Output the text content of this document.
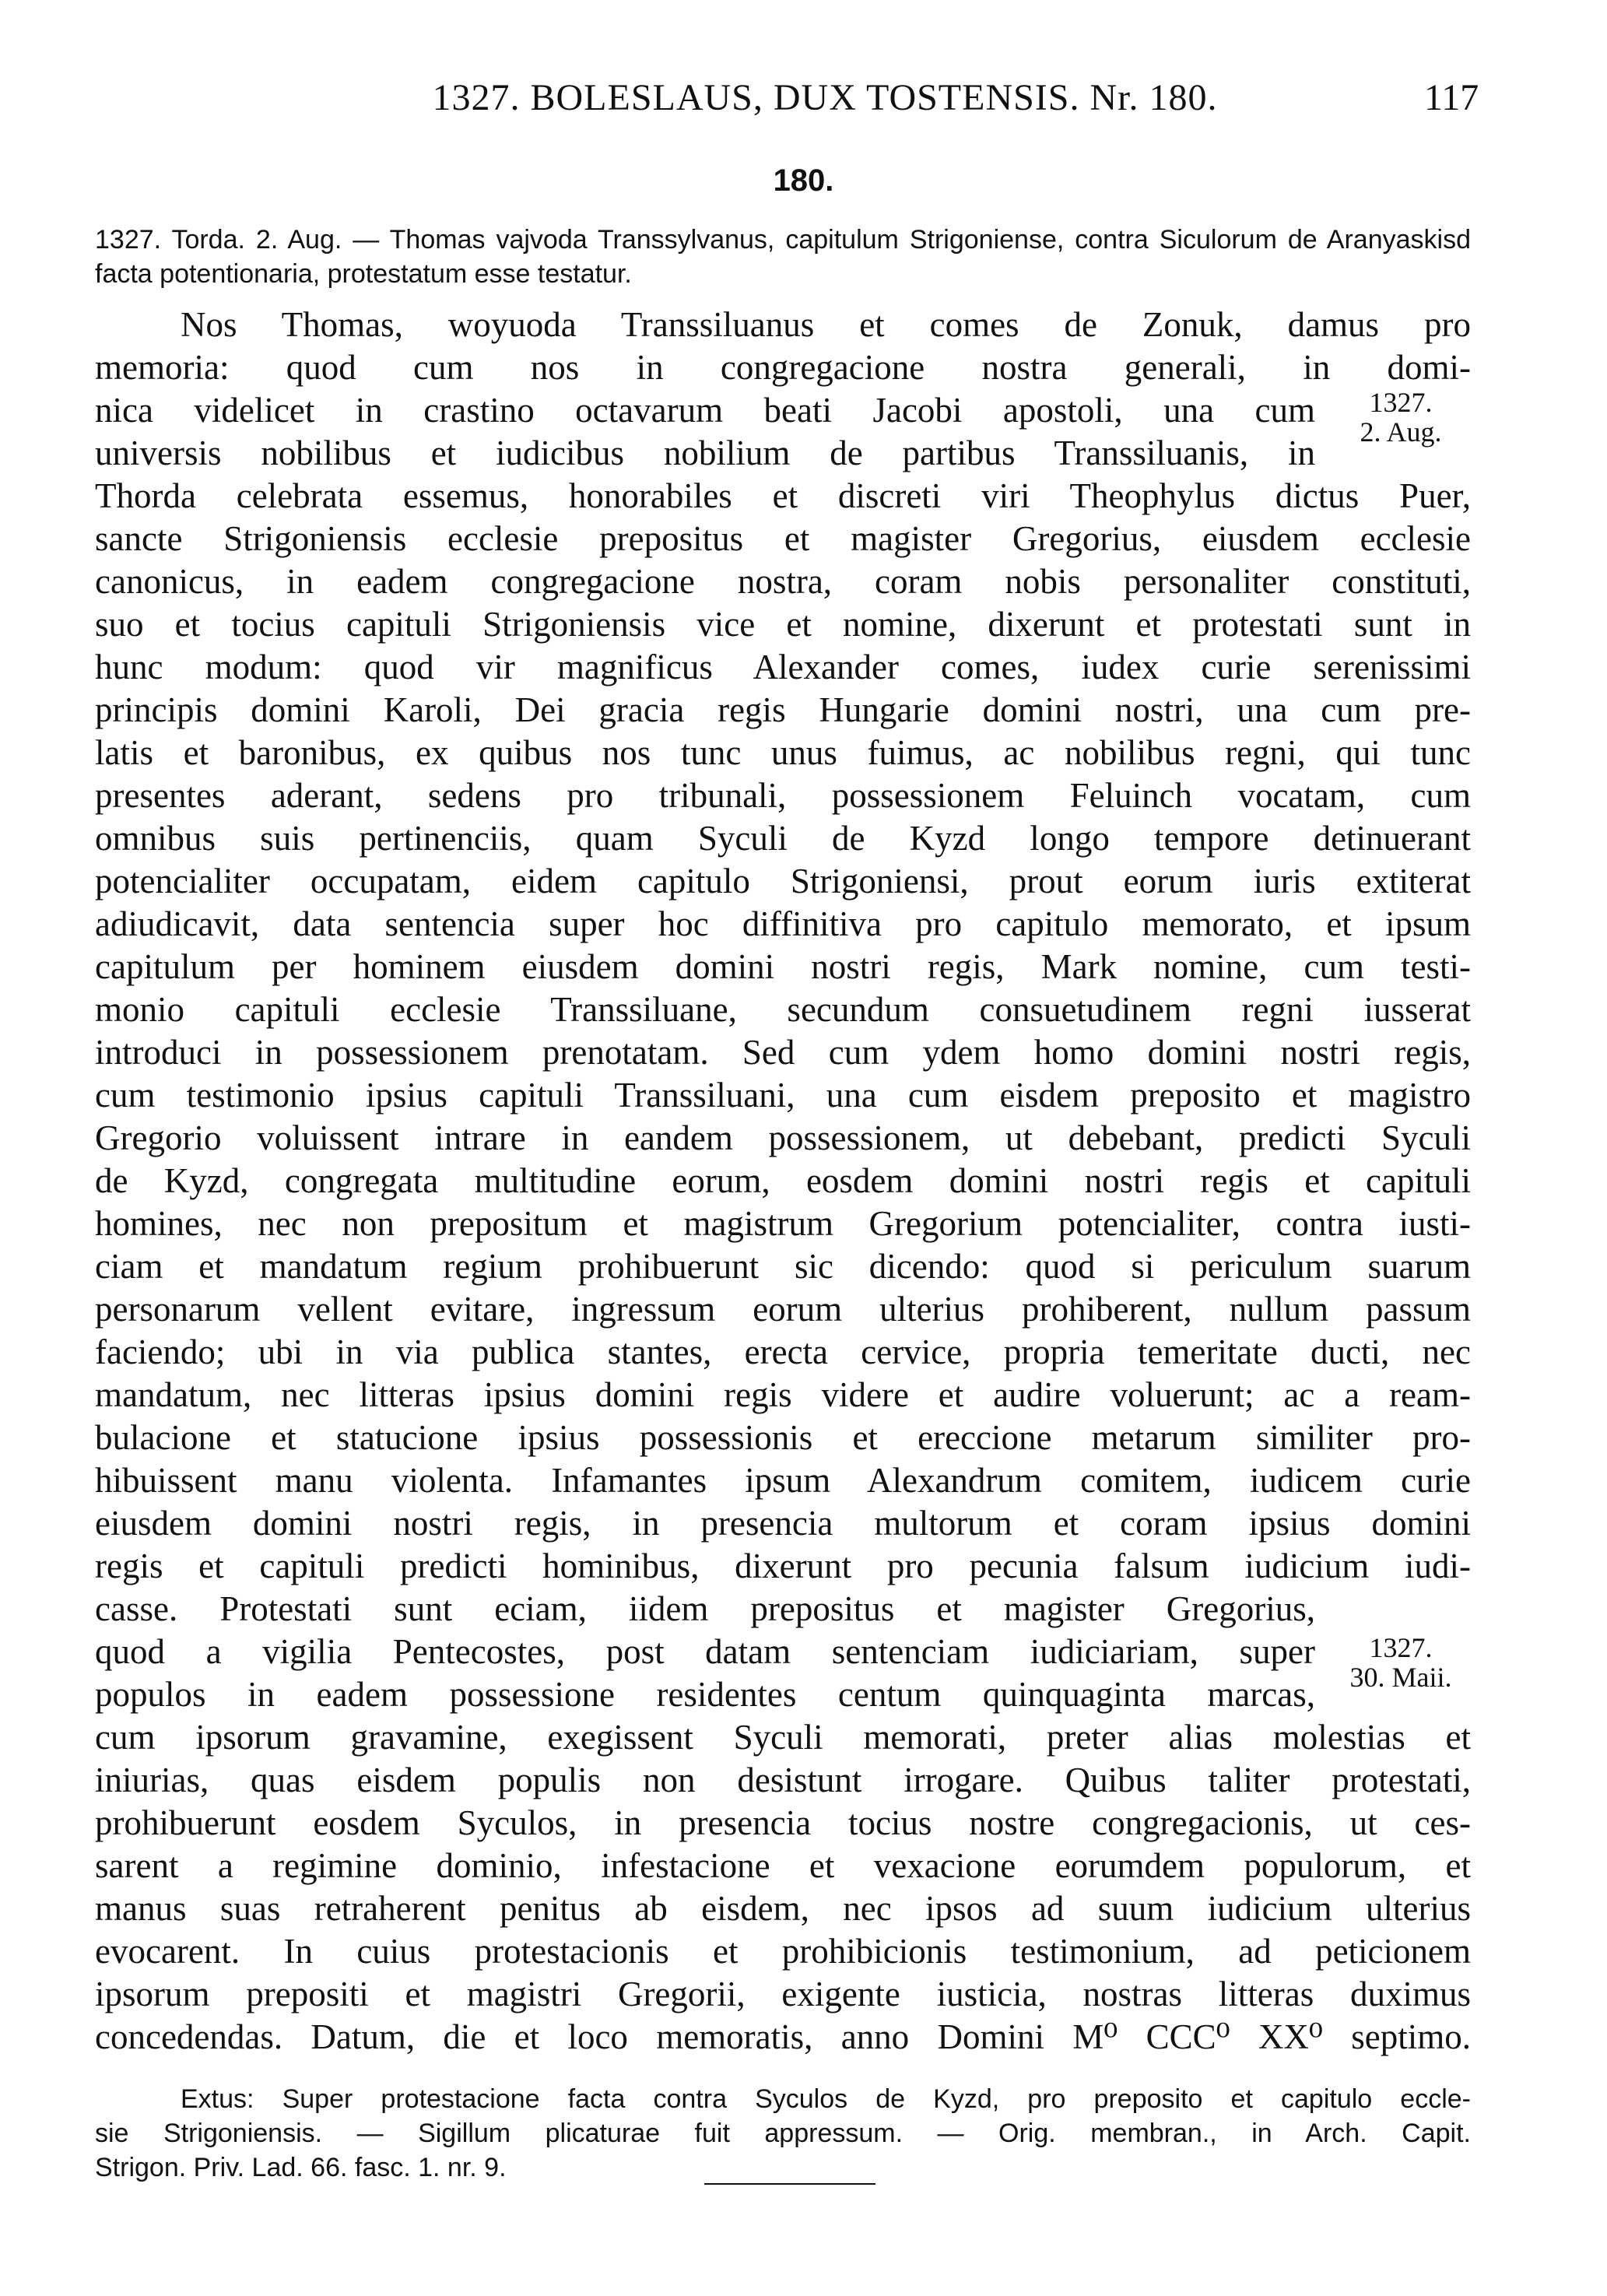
1327. BOLESLAUS, DUX TOSTENSIS. Nr. 180.	117
180.
1327. Torda. 2. Aug. — Thomas vajvoda Transsylvanus, capitulum Strigoniense, contra Siculorum de Aranyaskisd facta potentionaria, protestatum esse testatur.
Nos Thomas, woyuoda Transsiluanus et comes de Zonuk, damus pro
memoria: quod cum nos in congregacione nostra generali, in domi-
nica videlicet in crastino octavarum beati Jacobi apostoli, una cum
universis nobilibus et iudicibus nobilium de partibus Transsiluanis, in
Thorda celebrata essemus, honorabiles et discreti viri Theophylus dictus Puer,
sancte Strigoniensis ecclesie prepositus et magister Gregorius, eiusdem ecclesie
canonicus, in eadem congregacione nostra, coram nobis personaliter constituti,
suo et tocius capituli Strigoniensis vice et nomine, dixerunt et protestati sunt in
hunc modum: quod vir magnificus Alexander comes, iudex curie serenissimi
principis domini Karoli, Dei gracia regis Hungarie domini nostri, una cum pre-
latis et baronibus, ex quibus nos tunc unus fuimus, ac nobilibus regni, qui tunc
presentes aderant, sedens pro tribunali, possessionem Feluinch vocatam, cum
omnibus suis pertinenciis, quam Syculi de Kyzd longo tempore detinuerant
potencialiter occupatam, eidem capitulo Strigoniensi, prout eorum iuris extiterat
adiudicavit, data sentencia super hoc diffinitiva pro capitulo memorato, et ipsum
capitulum per hominem eiusdem domini nostri regis, Mark nomine, cum testi-
monio capituli ecclesie Transsiluane, secundum consuetudinem regni iusserat
introduci in possessionem prenotatam. Sed cum ydem homo domini nostri regis,
cum testimonio ipsius capituli Transsiluani, una cum eisdem preposito et magistro
Gregorio voluissent intrare in eandem possessionem, ut debebant, predicti Syculi
de Kyzd, congregata multitudine eorum, eosdem domini nostri regis et capituli
homines, nec non prepositum et magistrum Gregorium potencialiter, contra iusti-
ciam et mandatum regium prohibuerunt sic dicendo: quod si periculum suarum
personarum vellent evitare, ingressum eorum ulterius prohiberent, nullum passum
faciendo; ubi in via publica stantes, erecta cervice, propria temeritate ducti, nec
mandatum, nec litteras ipsius domini regis videre et audire voluerunt; ac a ream-
bulacione et statucione ipsius possessionis et ereccione metarum similiter pro-
hibuissent manu violenta. Infamantes ipsum Alexandrum comitem, iudicem curie
eiusdem domini nostri regis, in presencia multorum et coram ipsius domini
regis et capituli predicti hominibus, dixerunt pro pecunia falsum iudicium iudi-
casse. Protestati sunt eciam, iidem prepositus et magister Gregorius,
quod a vigilia Pentecostes, post datam sentenciam iudiciariam, super
populos in eadem possessione residentes centum quinquaginta marcas,
cum ipsorum gravamine, exegissent Syculi memorati, preter alias molestias et
iniurias, quas eisdem populis non desistunt irrogare. Quibus taliter protestati,
prohibuerunt eosdem Syculos, in presencia tocius nostre congregacionis, ut ces-
sarent a regimine dominio, infestacione et vexacione eorumdem populorum, et
manus suas retraherent penitus ab eisdem, nec ipsos ad suum iudicium ulterius
evocarent. In cuius protestacionis et prohibicionis testimonium, ad peticionem
ipsorum prepositi et magistri Gregorii, exigente iusticia, nostras litteras duximus
concedendas. Datum, die et loco memoratis, anno Domini M⁰ CCC⁰ XX⁰ septimo.
1327.
2. Aug.
1327.
30. Maii.
Extus: Super protestacione facta contra Syculos de Kyzd, pro preposito et capitulo eccle-
sie Strigoniensis. — Sigillum plicaturae fuit appressum. — Orig. membran., in Arch. Capit.
Strigon. Priv. Lad. 66. fasc. 1. nr. 9.
